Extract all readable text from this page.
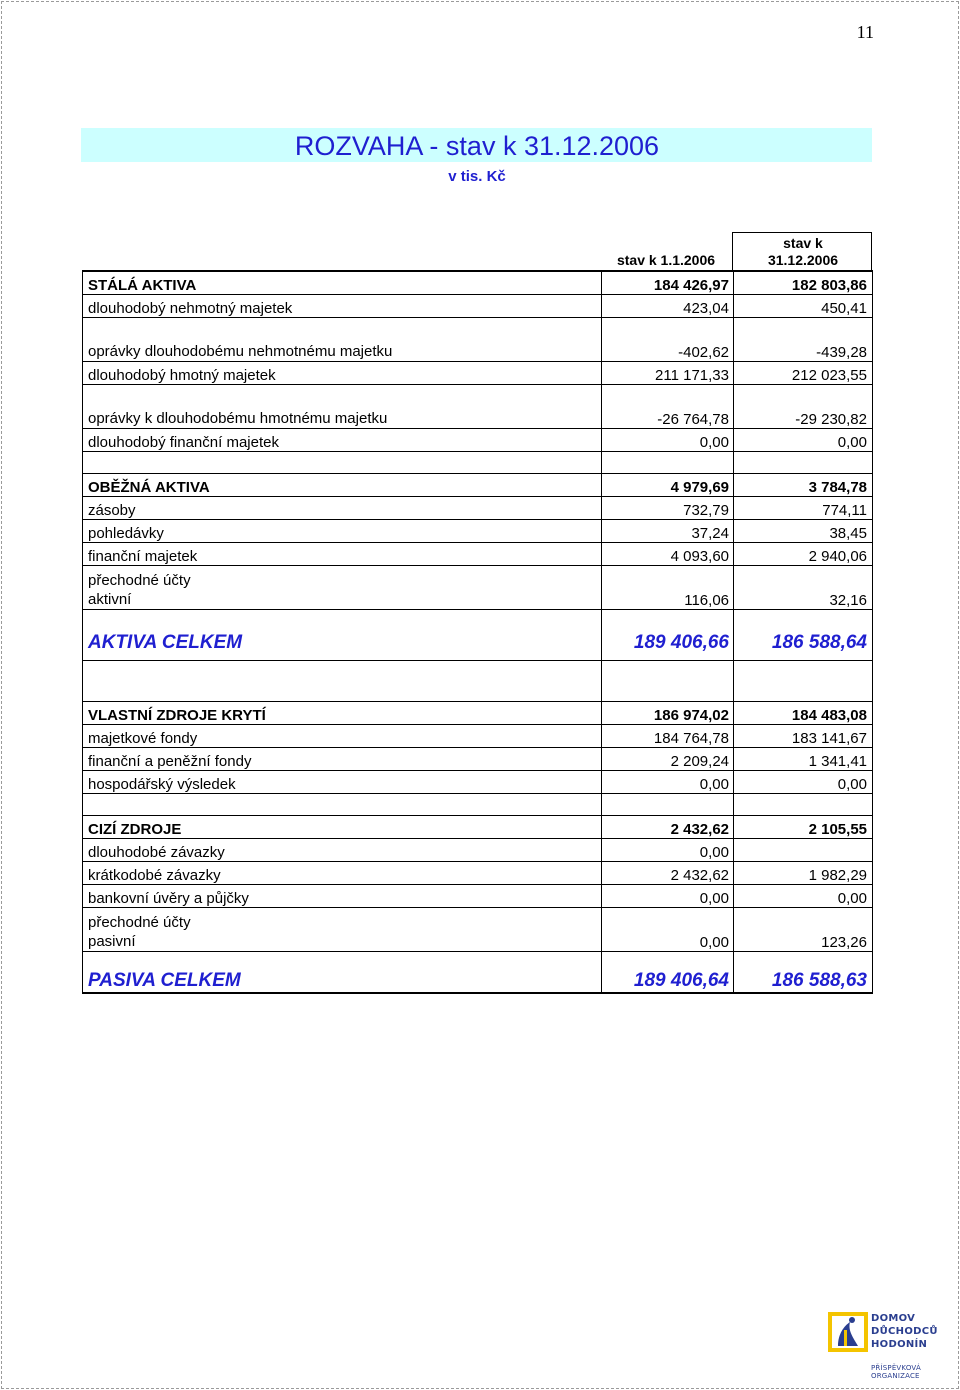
11
ROZVAHA - stav k 31.12.2006
v tis. Kč
stav k 1.1.2006
stav k
31.12.2006
STÁLÁ AKTIVA	184 426,97	182 803,86
dlouhodobý nehmotný majetek	423,04	450,41
oprávky dlouhodobému nehmotnému majetku	-402,62	-439,28
dlouhodobý hmotný majetek	211 171,33	212 023,55
oprávky k dlouhodobému hmotnému majetku	-26 764,78	-29 230,82
dlouhodobý finanční majetek	0,00	0,00
OBĚŽNÁ AKTIVA	4 979,69	3 784,78
zásoby	732,79	774,11
pohledávky	37,24	38,45
finanční majetek	4 093,60	2 940,06
přechodné účty aktivní	116,06	32,16
AKTIVA CELKEM	189 406,66	186 588,64
VLASTNÍ ZDROJE KRYTÍ	186 974,02	184 483,08
majetkové fondy	184 764,78	183 141,67
finanční a peněžní fondy	2 209,24	1 341,41
hospodářský výsledek	0,00	0,00
CIZÍ ZDROJE	2 432,62	2 105,55
dlouhodobé závazky	0,00
krátkodobé závazky	2 432,62	1 982,29
bankovní úvěry a půjčky	0,00	0,00
přechodné účty pasivní	0,00	123,26
PASIVA CELKEM	189 406,64	186 588,63
DOMOV
DŮCHODCŮ
HODONÍN
PŘÍSPĚVKOVÁ ORGANIZACE
